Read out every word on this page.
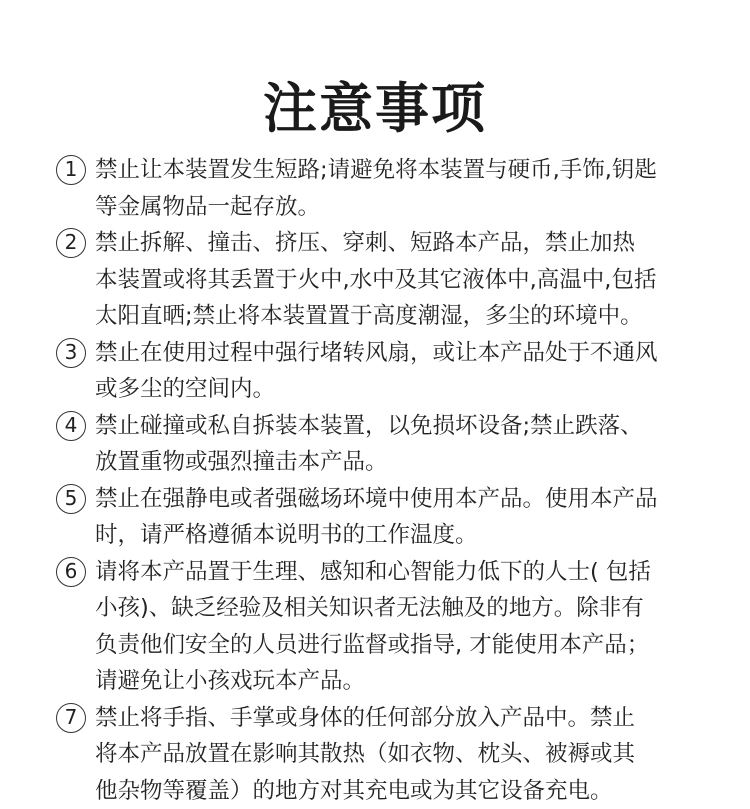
注意事项
1 禁止让本装置发生短路;请避免将本装置与硬币,手饰,钥匙
等金属物品一起存放。
2 禁止拆解、撞击、挤压、穿刺、短路本产品，禁止加热
本装置或将其丢置于火中,水中及其它液体中,高温中,包括
太阳直晒;禁止将本装置置于高度潮湿，多尘的环境中。
3 禁止在使用过程中强行堵转风扇，或让本产品处于不通风
或多尘的空间内。
4 禁止碰撞或私自拆装本装置，以免损坏设备;禁止跌落、
放置重物或强烈撞击本产品。
5 禁止在强静电或者强磁场环境中使用本产品。使用本产品
时，请严格遵循本说明书的工作温度。
6 请将本产品置于生理、感知和心智能力低下的人士( 包括
小孩)、缺乏经验及相关知识者无法触及的地方。除非有
负责他们安全的人员进行监督或指导, 才能使用本产品；
请避免让小孩戏玩本产品。
7 禁止将手指、手掌或身体的任何部分放入产品中。禁止
将本产品放置在影响其散热（如衣物、枕头、被褥或其
他杂物等覆盖）的地方对其充电或为其它设备充电。
